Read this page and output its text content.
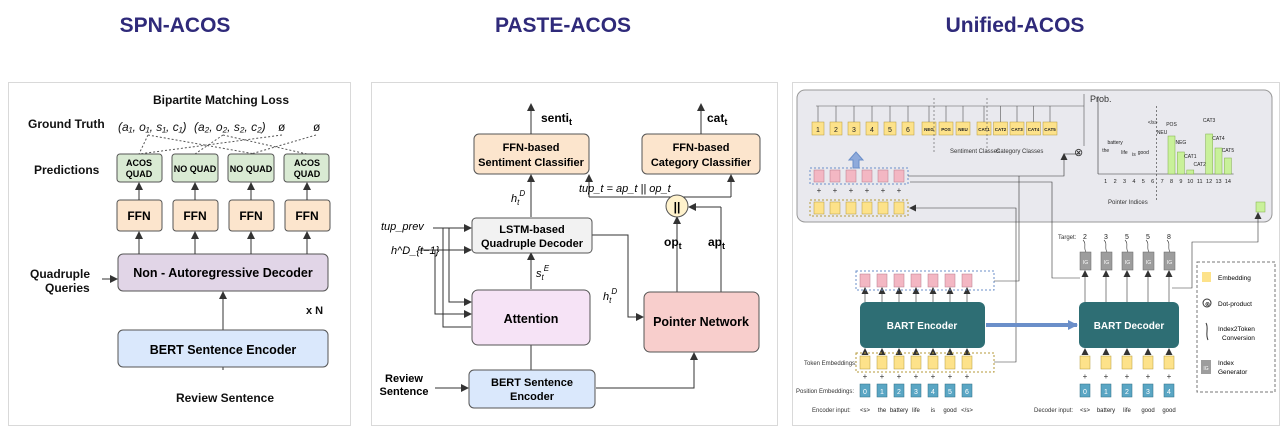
SPN-ACOS	PASTE-ACOS	Unified-ACOS
Bipartite Matching Loss
Ground Truth (a₁, o₁, s₁, c₁) (a₂, o₂, s₂, c₂) ø ø
Predictions	ACOS
QUAD NO QUAD NO QUAD
ACOS
QUAD
FFN	FFN	FFN	FFN
Non - Autoregressive Decoder
Quadruple
Queries
x N
BERT Sentence Encoder
Review Sentence
senti$_t$	cat$_t$
FFN-based
Sentiment Classifier
FFN-based
Category Classifier
||
tup_t = ap_t || op_t
$h_t^D$
LSTM-based
Quadruple Decoder
tup_prev
h^D_{t−1}
$op_t$ $ap_t$
$s_t^E$
$h_t^D$
Attention	Pointer Network
Review
Sentence
BERT Sentence
Encoder
1 2 3 4 5 6	NEG POS NEU CAT1 CAT2 CAT3 CAT4 CAT5
1
the
2
battery
3
life
4
is
5
good
6
</s>
7
NEU
8
POS
9
NEG
10
CAT1
11
CAT2
12
CAT3
13
CAT4
14
CAT5
+ + + + + +
Prob.
Sentiment Classes
Category Classes
Pointer Indices
⊗
+
0
<s>
+
1
the
+
2
battery
+
3
life
+
4
is
+
5
good
+
6
</s>
2
IG
+
0
<s>
3
IG
+
1
battery
5
IG
+
2
life
5
IG
+
3
good
8
IG
+
4
good
BART Encoder	BART Decoder
Token Embeddings:
Position Embeddings:
Encoder input:	Decoder input:
Target:
Embedding
⊗ Dot-product
Index2Token
Conversion
IG
Index
Generator
